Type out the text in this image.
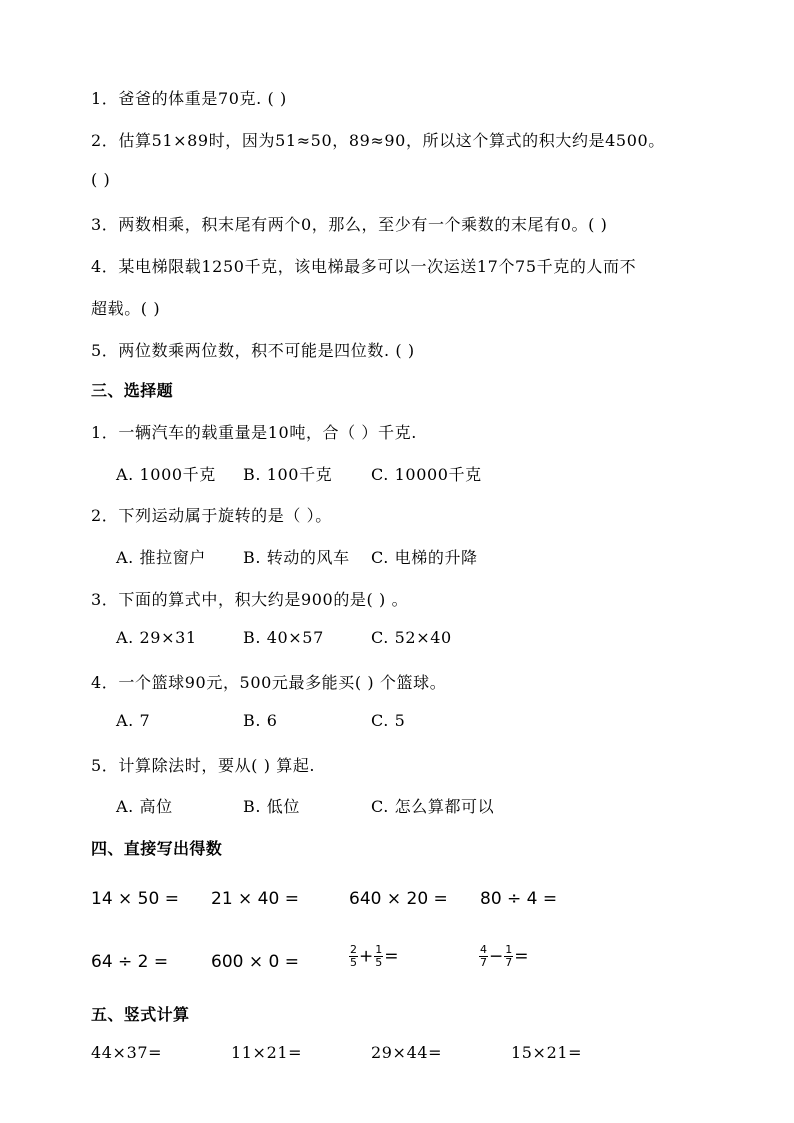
1．爸爸的体重是70克. ( )
2．估算51×89时，因为51≈50，89≈90，所以这个算式的积大约是4500。
( )
3．两数相乘，积末尾有两个0，那么，至少有一个乘数的末尾有0。( )
4．某电梯限载1250千克，该电梯最多可以一次运送17个75千克的人而不
超载。( )
5．两位数乘两位数，积不可能是四位数. ( )
三、选择题
1．一辆汽车的载重量是10吨，合（ ）千克.
A. 1000千克 B. 100千克 C. 10000千克
2．下列运动属于旋转的是（ ）。
A. 推拉窗户 B. 转动的风车 C. 电梯的升降
3．下面的算式中，积大约是900的是( ) 。
A. 29×31	B. 40×57	C. 52×40
4．一个篮球90元，500元最多能买( ) 个篮球。
A. 7	B. 6	C. 5
5．计算除法时，要从( ) 算起.
A. 高位	B. 低位	C. 怎么算都可以
四、直接写出得数
14 × 50 = 21 × 40 =	640 × 20 = 80 ÷ 4 =
64 ÷ 2 =	600 × 0 =	$\frac{2}{5} + \frac{1}{5}$ =	$\frac{4}{7} - \frac{1}{7}$ =
五、竖式计算
44×37=	11×21=	29×44=	15×21=
